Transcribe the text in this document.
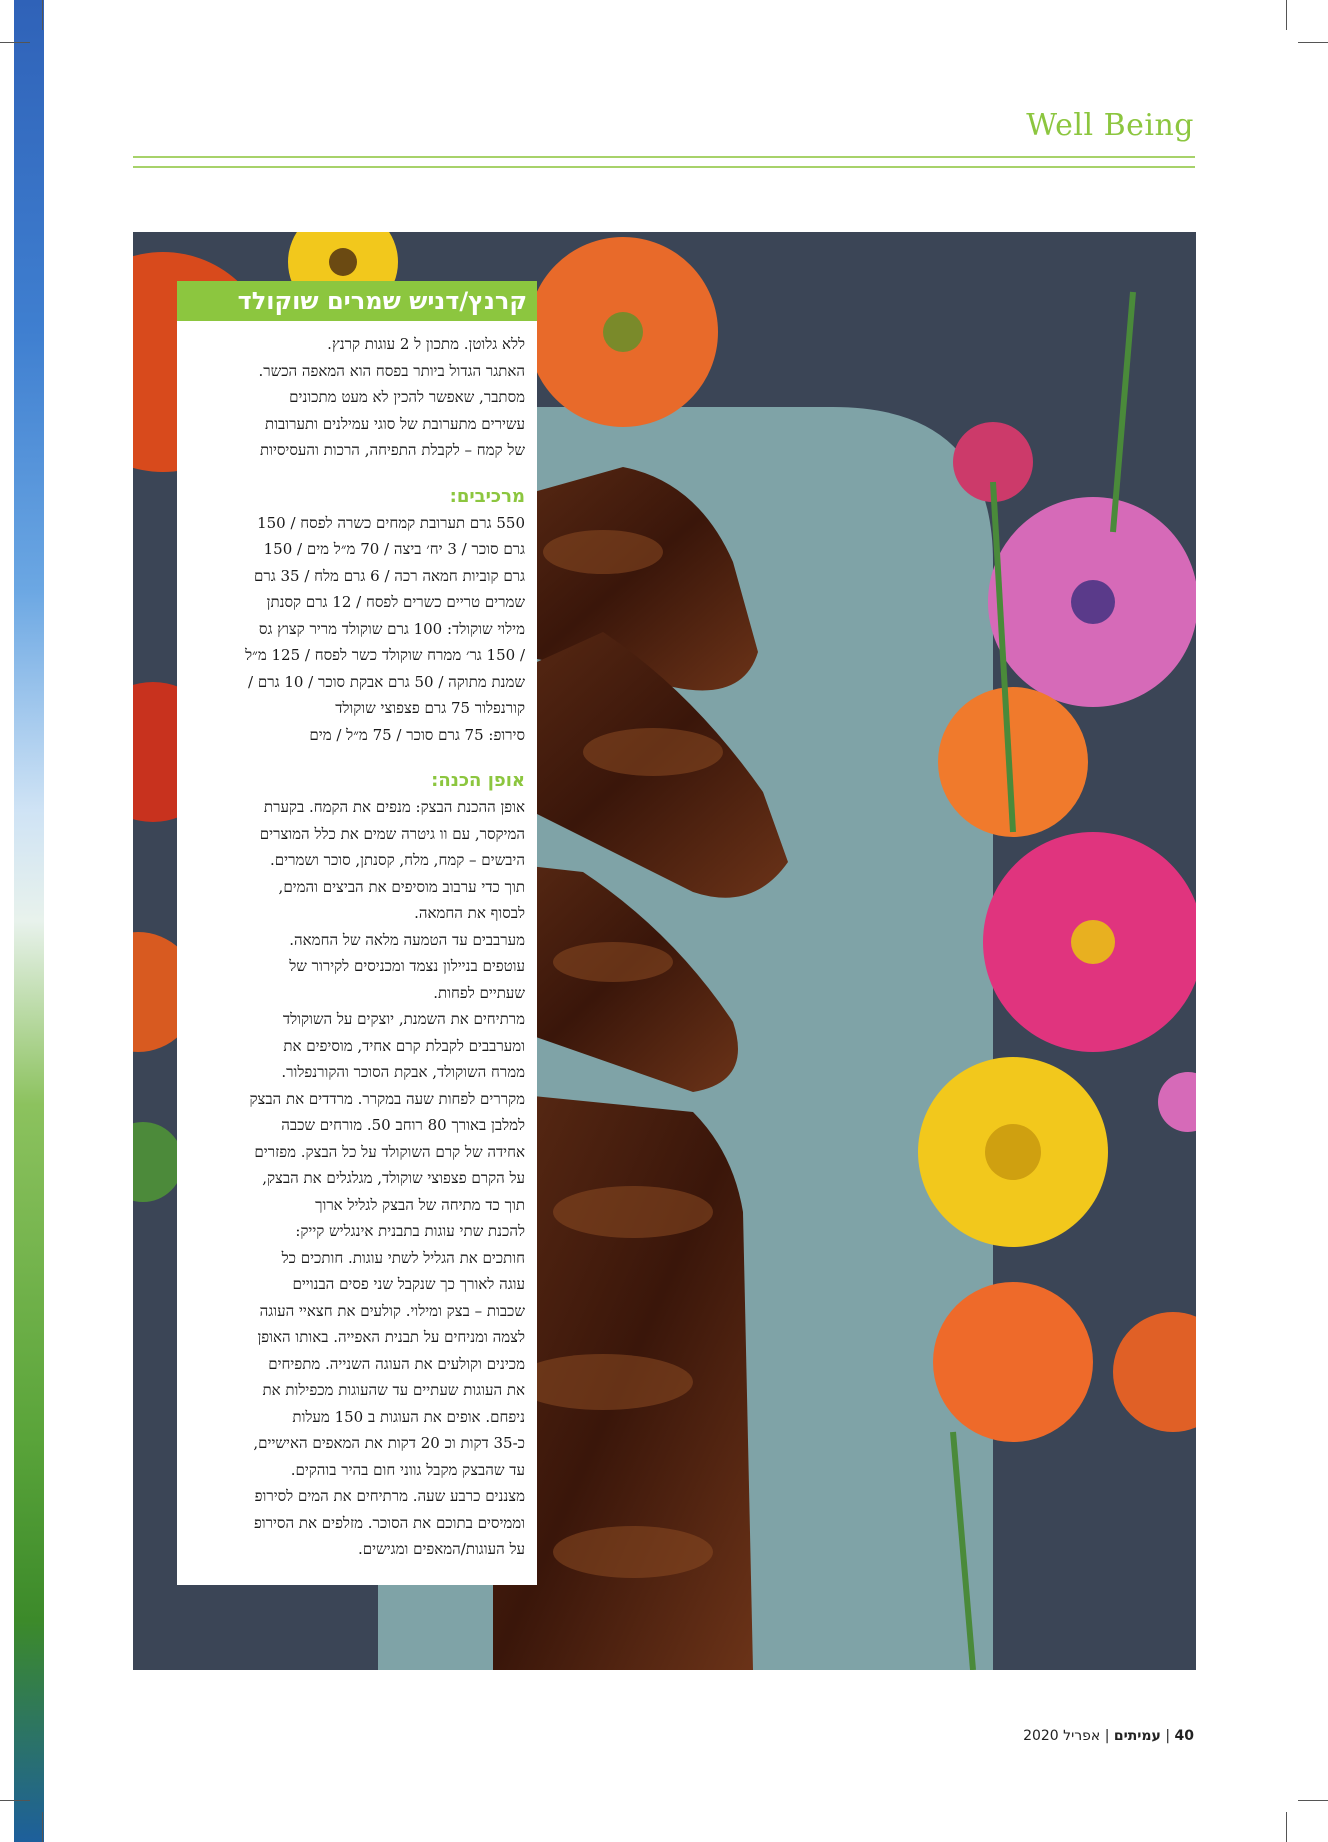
Well Being
קרנץ/דניש שמרים שוקולד

ללא גלוטן. מתכון ל 2 עוגות קרנץ.

האתגר הגדול ביותר בפסח הוא המאפה הכשר.

מסתבר, שאפשר להכין לא מעט מתכונים

עשירים מתערובת של סוגי עמילנים ותערובות

של קמח – לקבלת התפיחה, הרכות והעסיסיות

מרכיבים:

550 גרם תערובת קמחים כשרה לפסח / 150

גרם סוכר / 3 יח׳ ביצה / 70 מ״ל מים / 150

גרם קוביות חמאה רכה / 6 גרם מלח / 35 גרם

שמרים טריים כשרים לפסח / 12 גרם קסנתן

מילוי שוקולד: 100 גרם שוקולד מריר קצוץ גס

/ 150 גר׳ ממרח שוקולד כשר לפסח / 125 מ״ל

שמנת מתוקה / 50 גרם אבקת סוכר / 10 גרם /

קורנפלור 75 גרם פצפוצי שוקולד

סירופ: 75 גרם סוכר / 75 מ״ל / מים

אופן הכנה:

אופן ההכנת הבצק: מנפים את הקמח. בקערת

המיקסר, עם וו גיטרה שמים את כלל המוצרים

היבשים – קמח, מלח, קסנתן, סוכר ושמרים.

תוך כדי ערבוב מוסיפים את הביצים והמים,

לבסוף את החמאה.

מערבבים עד הטמעה מלאה של החמאה.

עוטפים בניילון נצמד ומכניסים לקירור של

שעתיים לפחות.

מרתיחים את השמנת, יוצקים על השוקולד

ומערבבים לקבלת קרם אחיד, מוסיפים את

ממרח השוקולד, אבקת הסוכר והקורנפלור.

מקררים לפחות שעה במקרר. מרדדים את הבצק

למלבן באורך 80 רוחב 50. מורחים שכבה

אחידה של קרם השוקולד על כל הבצק. מפזרים

על הקרם פצפוצי שוקולד, מגלגלים את הבצק,

תוך כד מתיחה של הבצק לגליל ארוך

להכנת שתי עוגות בתבנית אינגליש קייק:

חותכים את הגליל לשתי עוגות. חותכים כל

עוגה לאורך כך שנקבל שני פסים הבנויים

שכבות – בצק ומילוי. קולעים את חצאיי העוגה

לצמה ומניחים על תבנית האפייה. באותו האופן

מכינים וקולעים את העוגה השנייה. מתפיחים

את העוגות שעתיים עד שהעוגות מכפילות את

ניפחם. אופים את העוגות ב 150 מעלות

כ-35 דקות וכ 20 דקות את המאפים האישיים,

עד שהבצק מקבל גווני חום בהיר בוהקים.

מצננים כרבע שעה. מרתיחים את המים לסירופ

וממיסים בתוכם את הסוכר. מזלפים את הסירופ

על העוגות/המאפים ומגישים.

40 | עמיתים | אפריל 2020
